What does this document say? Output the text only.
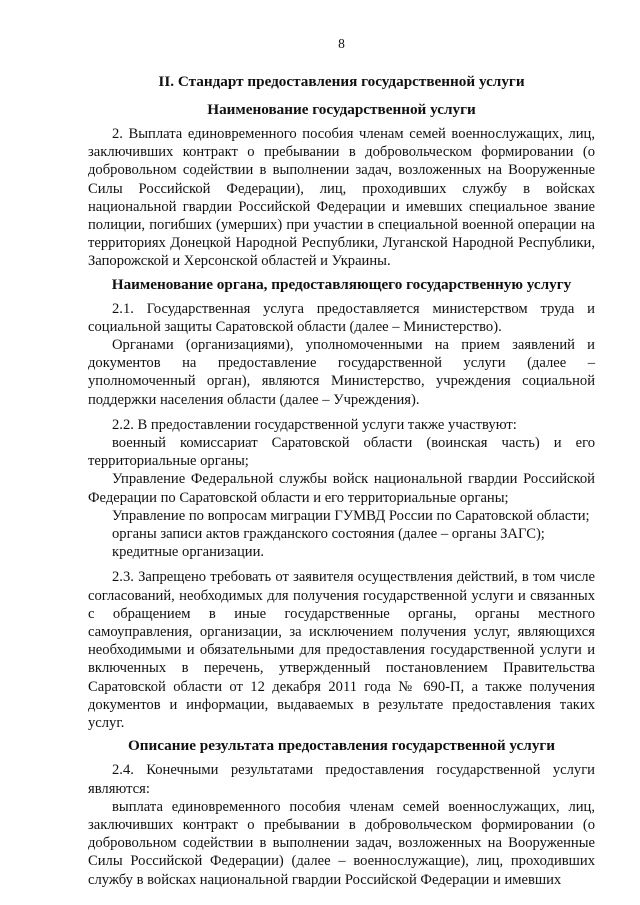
8
II. Стандарт предоставления государственной услуги
Наименование государственной услуги

2. Выплата единовременного пособия членам семей военнослужащих, лиц, заключивших контракт о пребывании в добровольческом формировании (о добровольном содействии в выполнении задач, возложенных на Вооруженные Силы Российской Федерации), лиц, проходивших службу в войсках национальной гвардии Российской Федерации и имевших специальное звание полиции, погибших (умерших) при участии в специальной военной операции на территориях Донецкой Народной Республики, Луганской Народной Республики, Запорожской и Херсонской областей и Украины.

Наименование органа, предоставляющего государственную услугу

2.1. Государственная услуга предоставляется министерством труда и социальной защиты Саратовской области (далее – Министерство).

Органами (организациями), уполномоченными на прием заявлений и документов на предоставление государственной услуги (далее – уполномоченный орган), являются Министерство, учреждения социальной поддержки населения области (далее – Учреждения).

2.2. В предоставлении государственной услуги также участвуют:

военный комиссариат Саратовской области (воинская часть) и его территориальные органы;

Управление Федеральной службы войск национальной гвардии Российской Федерации по Саратовской области и его территориальные органы;

Управление по вопросам миграции ГУМВД России по Саратовской области;

органы записи актов гражданского состояния (далее – органы ЗАГС);

кредитные организации.

2.3. Запрещено требовать от заявителя осуществления действий, в том числе согласований, необходимых для получения государственной услуги и связанных с обращением в иные государственные органы, органы местного самоуправления, организации, за исключением получения услуг, являющихся необходимыми и обязательными для предоставления государственной услуги и включенных в перечень, утвержденный постановлением Правительства Саратовской области от 12 декабря 2011 года № 690-П, а также получения документов и информации, выдаваемых в результате предоставления таких услуг.

Описание результата предоставления государственной услуги

2.4. Конечными результатами предоставления государственной услуги являются:

выплата единовременного пособия членам семей военнослужащих, лиц, заключивших контракт о пребывании в добровольческом формировании (о добровольном содействии в выполнении задач, возложенных на Вооруженные Силы Российской Федерации) (далее – военнослужащие), лиц, проходивших службу в войсках национальной гвардии Российской Федерации и имевших
